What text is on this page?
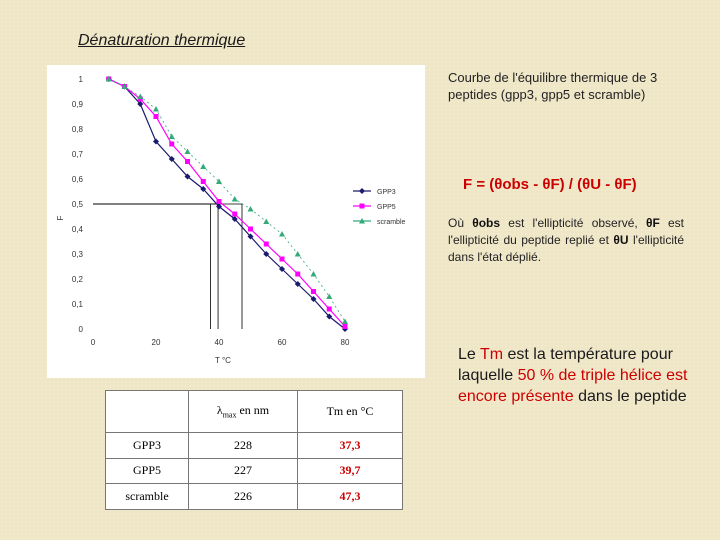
Dénaturation thermique
0
0,1
0,2
0,3
0,4
0,5
0,6
0,7
0,8
0,9
1
0	20	40	60	80
T °C
F
GPP3
GPP5
scramble
Courbe de l'équilibre thermique de 3 peptides (gpp3, gpp5 et scramble)
F = (θobs - θF) / (θU - θF)
Où θobs est l'ellipticité observé, θF est l'ellipticité du peptide replié et θU l'ellipticité dans l'état déplié.
Le Tm est la température pour laquelle 50 % de triple hélice est encore présente dans le peptide
	$\lambda_{max}$ en nm	Tm en °C
GPP3	228	37,3
GPP5	227	39,7
scramble	226	47,3
